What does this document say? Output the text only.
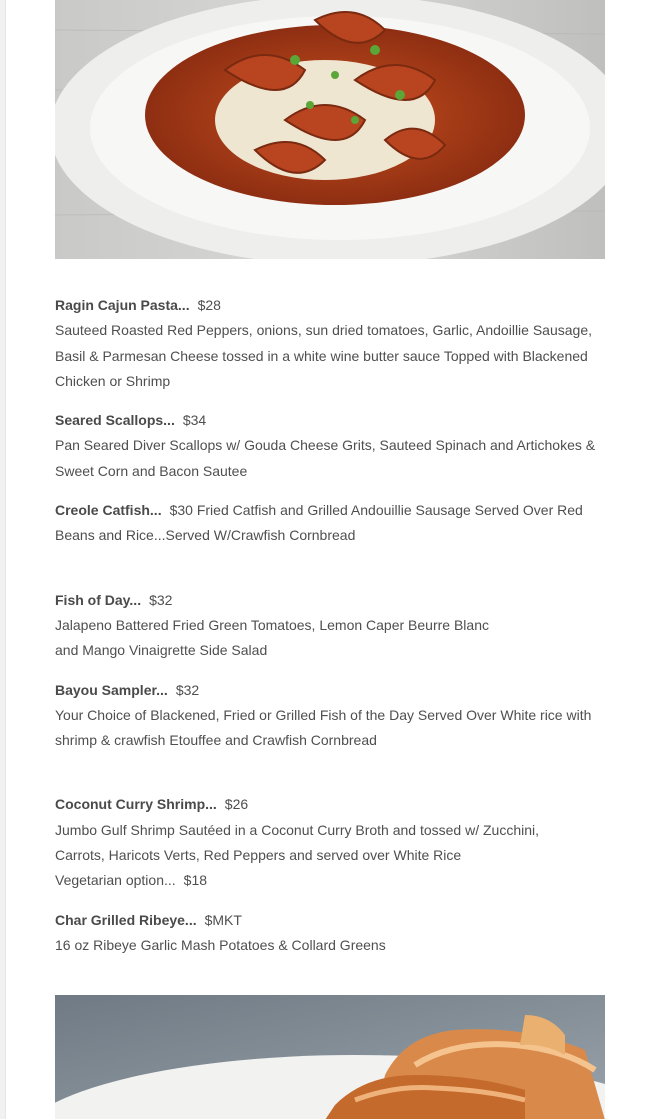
Ragin Cajun Pasta... $28
Sauteed Roasted Red Peppers, onions, sun dried tomatoes, Garlic, Andoillie Sausage,
Basil & Parmesan Cheese tossed in a white wine butter sauce Topped with Blackened
Chicken or Shrimp
Seared Scallops... $34
Pan Seared Diver Scallops w/ Gouda Cheese Grits, Sauteed Spinach and Artichokes &
Sweet Corn and Bacon Sautee
Creole Catfish... $30 Fried Catfish and Grilled Andouillie Sausage Served Over Red
Beans and Rice...Served W/Crawfish Cornbread
Fish of Day... $32
Jalapeno Battered Fried Green Tomatoes, Lemon Caper Beurre Blanc
and Mango Vinaigrette Side Salad
Bayou Sampler... $32
Your Choice of Blackened, Fried or Grilled Fish of the Day Served Over White rice with
shrimp & crawfish Etouffee and Crawfish Cornbread
Coconut Curry Shrimp... $26
Jumbo Gulf Shrimp Sautéed in a Coconut Curry Broth and tossed w/ Zucchini,
Carrots, Haricots Verts, Red Peppers and served over White Rice
Vegetarian option... $18
Char Grilled Ribeye... $MKT
16 oz Ribeye Garlic Mash Potatoes & Collard Greens
